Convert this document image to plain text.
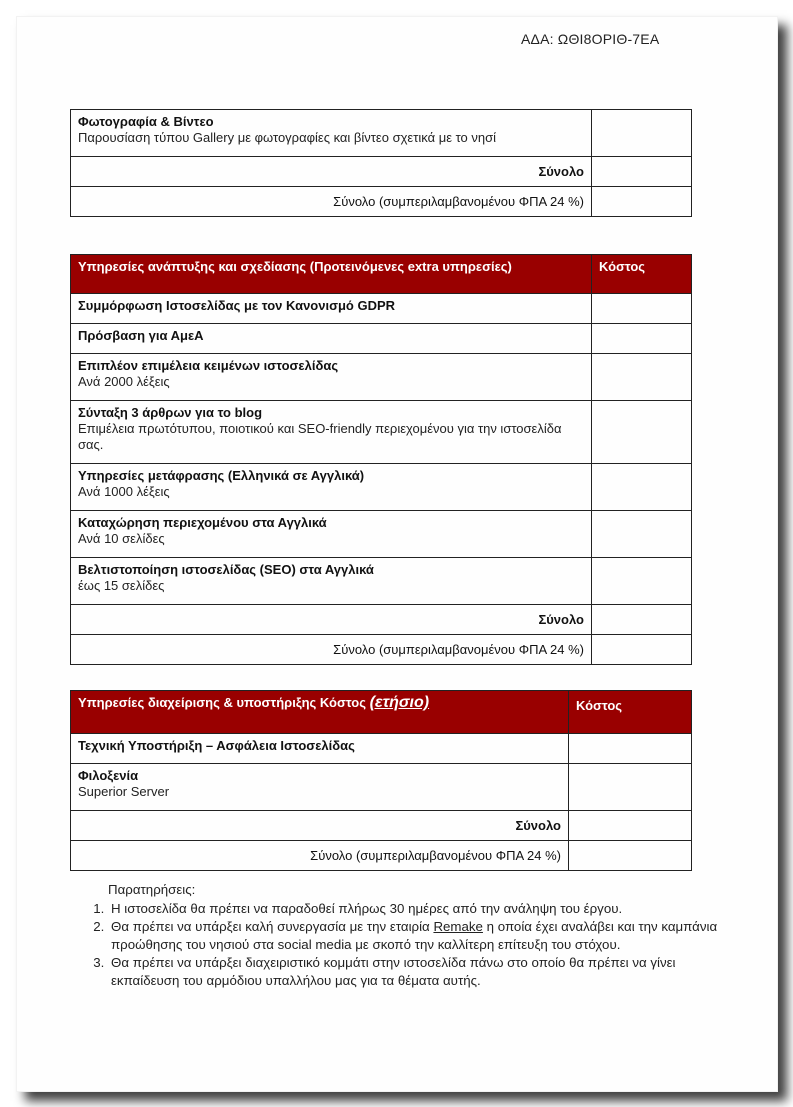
ΑΔΑ: ΩΘΙ8ΟΡΙΘ-7ΕΑ
Φωτογραφία & Βίντεο
Παρουσίαση τύπου Gallery με φωτογραφίες και βίντεο σχετικά με το νησί	

Σύνολο	
Σύνολο (συμπεριλαμβανομένου ΦΠΑ 24 %)	
Υπηρεσίες ανάπτυξης και σχεδίασης (Προτεινόμενες extra υπηρεσίες)	Κόστος

Συμμόρφωση Ιστοσελίδας με τον Κανονισμό GDPR	

Πρόσβαση για ΑμεΑ	

Επιπλέον επιμέλεια κειμένων ιστοσελίδας
Ανά 2000 λέξεις	

Σύνταξη 3 άρθρων για το blog
Επιμέλεια πρωτότυπου, ποιοτικού και SEO-friendly περιεχομένου για την ιστοσελίδα σας.	

Υπηρεσίες μετάφρασης (Ελληνικά σε Αγγλικά)
Ανά 1000 λέξεις	

Καταχώρηση περιεχομένου στα Αγγλικά
Ανά 10 σελίδες	

Βελτιστοποίηση ιστοσελίδας (SEO) στα Αγγλικά
έως 15 σελίδες	

Σύνολο	
Σύνολο (συμπεριλαμβανομένου ΦΠΑ 24 %)	
Υπηρεσίες διαχείρισης & υποστήριξης Κόστος (ετήσιο)	Κόστος

Τεχνική Υποστήριξη – Ασφάλεια Ιστοσελίδας	

Φιλοξενία
Superior Server	

Σύνολο	
Σύνολο (συμπεριλαμβανομένου ΦΠΑ 24 %)	
Παρατηρήσεις:
1. Η ιστοσελίδα θα πρέπει να παραδοθεί πλήρως 30 ημέρες από την ανάληψη του έργου.
2. Θα πρέπει να υπάρξει καλή συνεργασία με την εταιρία Remake η οποία έχει αναλάβει και την καμπάνια προώθησης του νησιού στα social media με σκοπό την καλλίτερη επίτευξη του στόχου.
3. Θα πρέπει να υπάρξει διαχειριστικό κομμάτι στην ιστοσελίδα πάνω στο οποίο θα πρέπει να γίνει εκπαίδευση του αρμόδιου υπαλλήλου μας για τα θέματα αυτής.
